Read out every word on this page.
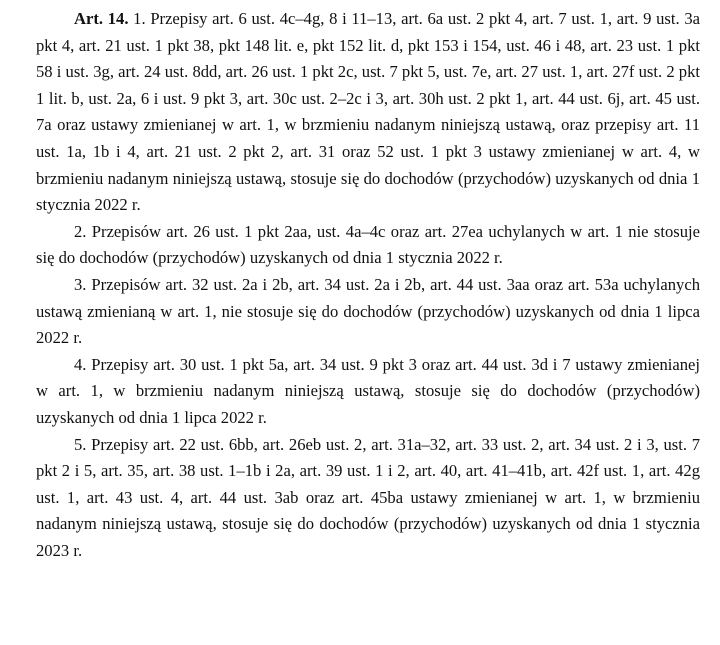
Art. 14. 1. Przepisy art. 6 ust. 4c–4g, 8 i 11–13, art. 6a ust. 2 pkt 4, art. 7 ust. 1, art. 9 ust. 3a pkt 4, art. 21 ust. 1 pkt 38, pkt 148 lit. e, pkt 152 lit. d, pkt 153 i 154, ust. 46 i 48, art. 23 ust. 1 pkt 58 i ust. 3g, art. 24 ust. 8dd, art. 26 ust. 1 pkt 2c, ust. 7 pkt 5, ust. 7e, art. 27 ust. 1, art. 27f ust. 2 pkt 1 lit. b, ust. 2a, 6 i ust. 9 pkt 3, art. 30c ust. 2–2c i 3, art. 30h ust. 2 pkt 1, art. 44 ust. 6j, art. 45 ust. 7a oraz ustawy zmienianej w art. 1, w brzmieniu nadanym niniejszą ustawą, oraz przepisy art. 11 ust. 1a, 1b i 4, art. 21 ust. 2 pkt 2, art. 31 oraz 52 ust. 1 pkt 3 ustawy zmienianej w art. 4, w brzmieniu nadanym niniejszą ustawą, stosuje się do dochodów (przychodów) uzyskanych od dnia 1 stycznia 2022 r.

2. Przepisów art. 26 ust. 1 pkt 2aa, ust. 4a–4c oraz art. 27ea uchylanych w art. 1 nie stosuje się do dochodów (przychodów) uzyskanych od dnia 1 stycznia 2022 r.

3. Przepisów art. 32 ust. 2a i 2b, art. 34 ust. 2a i 2b, art. 44 ust. 3aa oraz art. 53a uchylanych ustawą zmienianą w art. 1, nie stosuje się do dochodów (przychodów) uzyskanych od dnia 1 lipca 2022 r.

4. Przepisy art. 30 ust. 1 pkt 5a, art. 34 ust. 9 pkt 3 oraz art. 44 ust. 3d i 7 ustawy zmienianej w art. 1, w brzmieniu nadanym niniejszą ustawą, stosuje się do dochodów (przychodów) uzyskanych od dnia 1 lipca 2022 r.

5. Przepisy art. 22 ust. 6bb, art. 26eb ust. 2, art. 31a–32, art. 33 ust. 2, art. 34 ust. 2 i 3, ust. 7 pkt 2 i 5, art. 35, art. 38 ust. 1–1b i 2a, art. 39 ust. 1 i 2, art. 40, art. 41–41b, art. 42f ust. 1, art. 42g ust. 1, art. 43 ust. 4, art. 44 ust. 3ab oraz art. 45ba ustawy zmienianej w art. 1, w brzmieniu nadanym niniejszą ustawą, stosuje się do dochodów (przychodów) uzyskanych od dnia 1 stycznia 2023 r.
